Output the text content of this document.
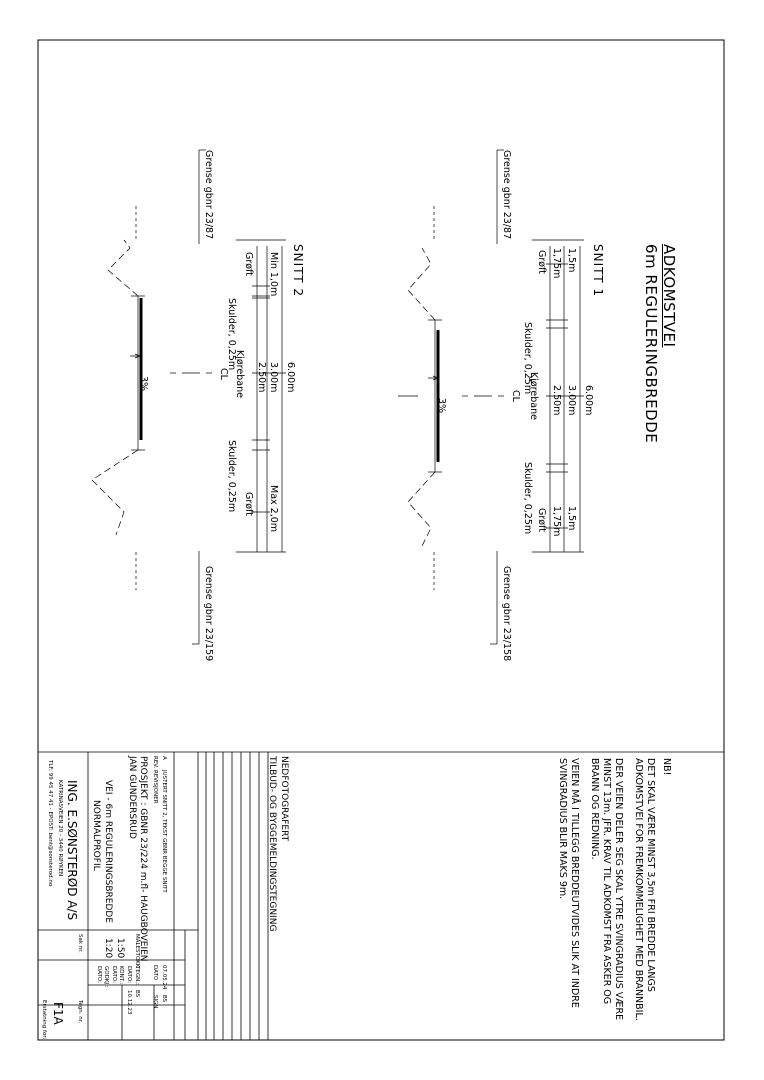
ADKOMSTVEI
6m REGULERINGBREDDE
SNITT 1
6.00m
1,5m
1,75m
Grøft
3.00m
2.50m
Kjørebane
CL
1,5m
1,75m
Grøft
Skulder, 0,25m
Skulder, 0,25m
3%
Grense gbnr 23/87
Grense gbnr 23/158
SNITT 2
6.00m
Min 1,0m
Grøft
3.00m
2.50m
Kjørebane
CL
Max 2,0m
Grøft
Skulder, 0,25m
Skulder, 0,25m
3%
Grense gbnr 23/87
Grense gbnr 23/159
NB!
DET SKAL VÆRE MINST 3,5m FRI BREDDE LANGS ADKOMSTVEI FOR FREMKOMMELIGHET MED BRANNBIL.
DER VEIEN DELER SEG SKAL YTRE SVINGRADIUS VÆRE MINST 13m. JFR. KRAV TIL ADKOMST FRA ASKER OG BRANN OG REDNING.
VEIEN MÅ I TILLEGG BREDDEUTVIDES SLIK AT INDRE SVINGRADIUS BLIR MAKS 9m.
NEDFOTOGRAFERT
TILBUD- OG BYGGEMELDINGSTEGNING
A
JUSTERT SNITT 2, TEKST GBNR BEGGE SNITT
07.05.24
BS
REV.
REVISJONER
DATO
SIGN.
PROSJEKT : GBNR 23/224 m.fl- HAUGBOVEIEN
JAN GUNDERSRUD
MÅLESTOKK
TEGN.:
BS
DATO:
10.12.23
KONT.:
DATO:
GODKJ.:
DATO:
1:50
1:20
VEI - 6m REGULERINGSBREDDE
NORMALPROFIL
Sak nr.
Tegn. nr.
F1A
Erstatning for:
ING. E.SØNSTERØD A/S
KATRINASVEIEN 20 - 3440 RØYKEN
TLF: 99 45 47 41 - EPOST: bent@sonsterod.no
